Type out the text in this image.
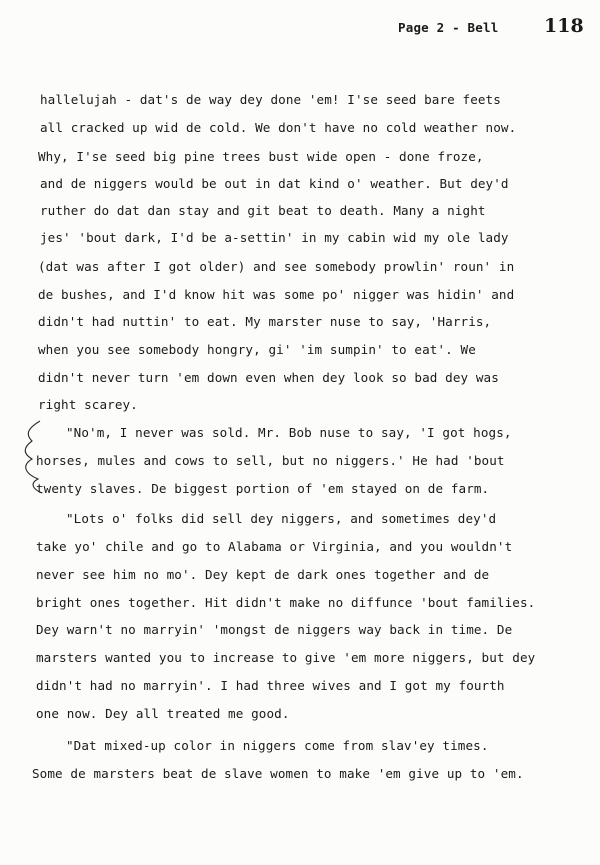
Page 2 - Bell 118
hallelujah - dat's de way dey done 'em! I'se seed bare feets
all cracked up wid de cold. We don't have no cold weather now.
Why, I'se seed big pine trees bust wide open - done froze,
and de niggers would be out in dat kind o' weather. But dey'd
ruther do dat dan stay and git beat to death. Many a night
jes' 'bout dark, I'd be a-settin' in my cabin wid my ole lady
(dat was after I got older) and see somebody prowlin' roun' in
de bushes, and I'd know hit was some po' nigger was hidin' and
didn't had nuttin' to eat. My marster nuse to say, 'Harris,
when you see somebody hongry, gi' 'im sumpin' to eat'. We
didn't never turn 'em down even when dey look so bad dey was
right scarey.
"No'm, I never was sold. Mr. Bob nuse to say, 'I got hogs,
horses, mules and cows to sell, but no niggers.' He had 'bout
twenty slaves. De biggest portion of 'em stayed on de farm.
"Lots o' folks did sell dey niggers, and sometimes dey'd
take yo' chile and go to Alabama or Virginia, and you wouldn't
never see him no mo'. Dey kept de dark ones together and de
bright ones together. Hit didn't make no diffunce 'bout families.
Dey warn't no marryin' 'mongst de niggers way back in time. De
marsters wanted you to increase to give 'em more niggers, but dey
didn't had no marryin'. I had three wives and I got my fourth
one now. Dey all treated me good.
"Dat mixed-up color in niggers come from slav'ey times.
Some de marsters beat de slave women to make 'em give up to 'em.
